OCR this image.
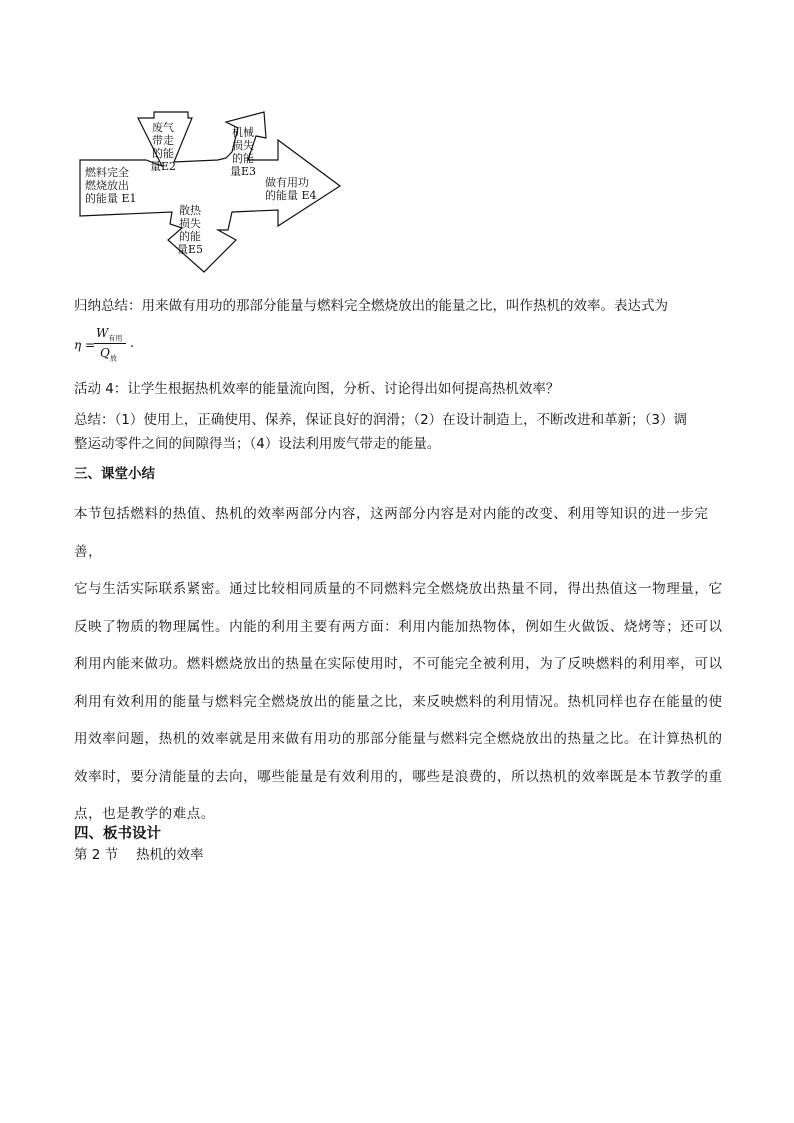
燃料完全
燃烧放出
的能量 E1
废气
带走
的能
量E2
机械
损失
的能
量E3
做有用功
的能量 E4
散热
损失
的能
量E5
归纳总结：用来做有用功的那部分能量与燃料完全燃烧放出的能量之比，叫作热机的效率。表达式为
η =
$W_{有用}$
$Q_放$
.
活动 4：让学生根据热机效率的能量流向图，分析、讨论得出如何提高热机效率？
总结：（1）使用上，正确使用、保养，保证良好的润滑；（2）在设计制造上，不断改进和革新；（3）调
整运动零件之间的间隙得当；（4）设法利用废气带走的能量。
三、课堂小结
本节包括燃料的热值、热机的效率两部分内容，这两部分内容是对内能的改变、利用等知识的进一步完善，
它与生活实际联系紧密。通过比较相同质量的不同燃料完全燃烧放出热量不同，得出热值这一物理量，它
反映了物质的物理属性。内能的利用主要有两方面：利用内能加热物体，例如生火做饭、烧烤等；还可以
利用内能来做功。燃料燃烧放出的热量在实际使用时，不可能完全被利用，为了反映燃料的利用率，可以
利用有效利用的能量与燃料完全燃烧放出的能量之比，来反映燃料的利用情况。热机同样也存在能量的使
用效率问题，热机的效率就是用来做有用功的那部分能量与燃料完全燃烧放出的热量之比。在计算热机的
效率时，要分清能量的去向，哪些能量是有效利用的，哪些是浪费的，所以热机的效率既是本节教学的重
点，也是教学的难点。
四、板书设计
第 2 节　 热机的效率
